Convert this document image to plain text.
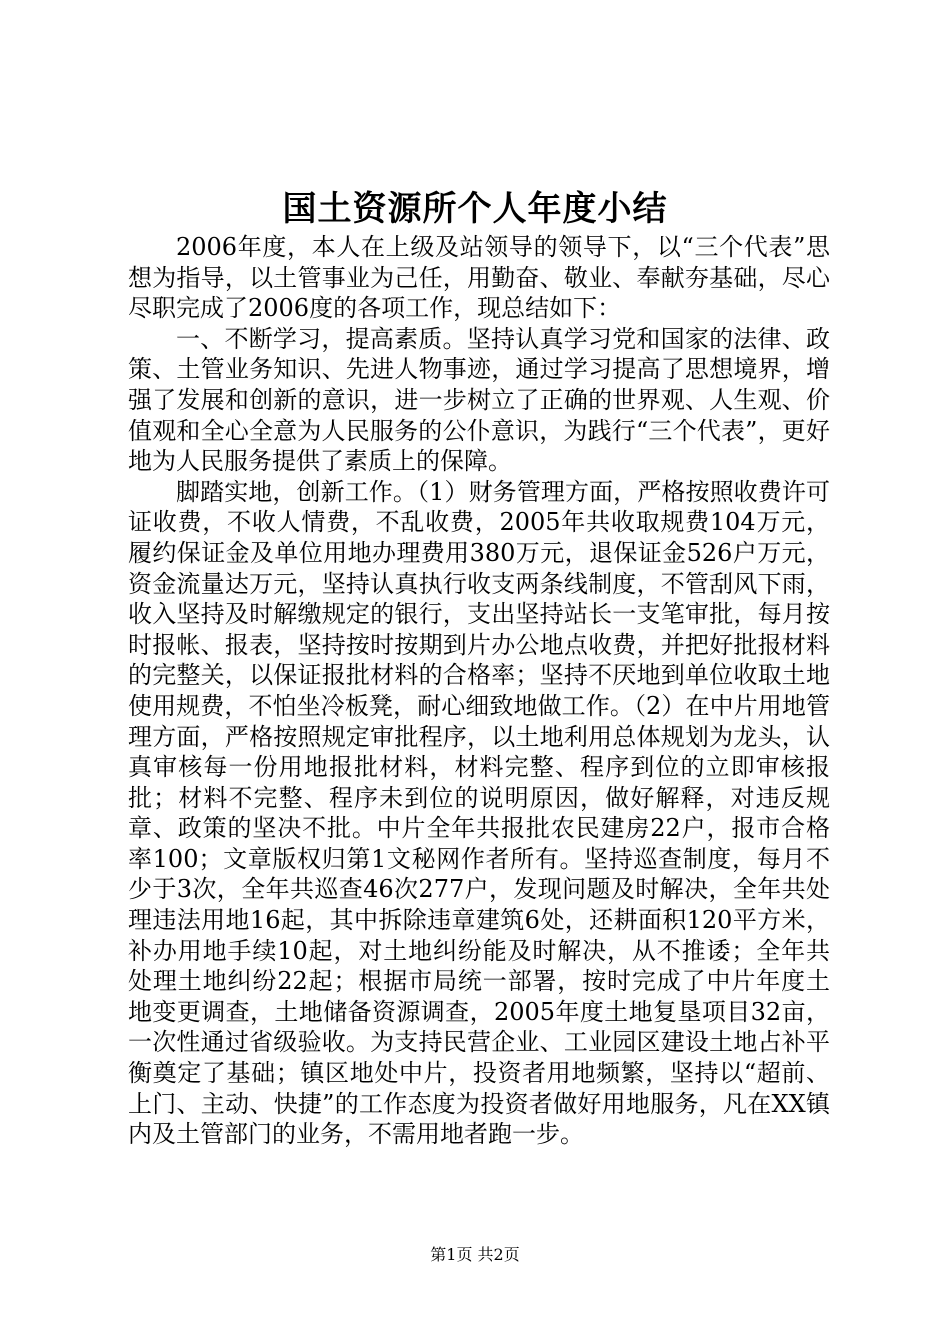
国土资源所个人年度小结

2006年度，本人在上级及站领导的领导下，以“三个代表”思想为指导，以土管事业为己任，用勤奋、敬业、奉献夯基础，尽心尽职完成了2006度的各项工作，现总结如下：

一、不断学习，提高素质。坚持认真学习党和国家的法律、政策、土管业务知识、先进人物事迹，通过学习提高了思想境界，增强了发展和创新的意识，进一步树立了正确的世界观、人生观、价值观和全心全意为人民服务的公仆意识，为践行“三个代表”，更好地为人民服务提供了素质上的保障。

脚踏实地，创新工作。（1）财务管理方面，严格按照收费许可证收费，不收人情费，不乱收费，2005年共收取规费104万元，履约保证金及单位用地办理费用380万元，退保证金526户万元，资金流量达万元，坚持认真执行收支两条线制度，不管刮风下雨，收入坚持及时解缴规定的银行，支出坚持站长一支笔审批，每月按时报帐、报表，坚持按时按期到片办公地点收费，并把好批报材料的完整关，以保证报批材料的合格率；坚持不厌地到单位收取土地使用规费，不怕坐冷板凳，耐心细致地做工作。（2）在中片用地管理方面，严格按照规定审批程序，以土地利用总体规划为龙头，认真审核每一份用地报批材料，材料完整、程序到位的立即审核报批；材料不完整、程序未到位的说明原因，做好解释，对违反规章、政策的坚决不批。中片全年共报批农民建房22户，报市合格率100；文章版权归第1文秘网作者所有。坚持巡查制度，每月不少于3次，全年共巡查46次277户，发现问题及时解决，全年共处理违法用地16起，其中拆除违章建筑6处，还耕面积120平方米，补办用地手续10起，对土地纠纷能及时解决，从不推诿；全年共处理土地纠纷22起；根据市局统一部署，按时完成了中片年度土地变更调查，土地储备资源调查，2005年度土地复垦项目32亩，一次性通过省级验收。为支持民营企业、工业园区建设土地占补平衡奠定了基础；镇区地处中片，投资者用地频繁，坚持以“超前、上门、主动、快捷”的工作态度为投资者做好用地服务，凡在XX镇内及土管部门的业务，不需用地者跑一步。

第1页 共2页
